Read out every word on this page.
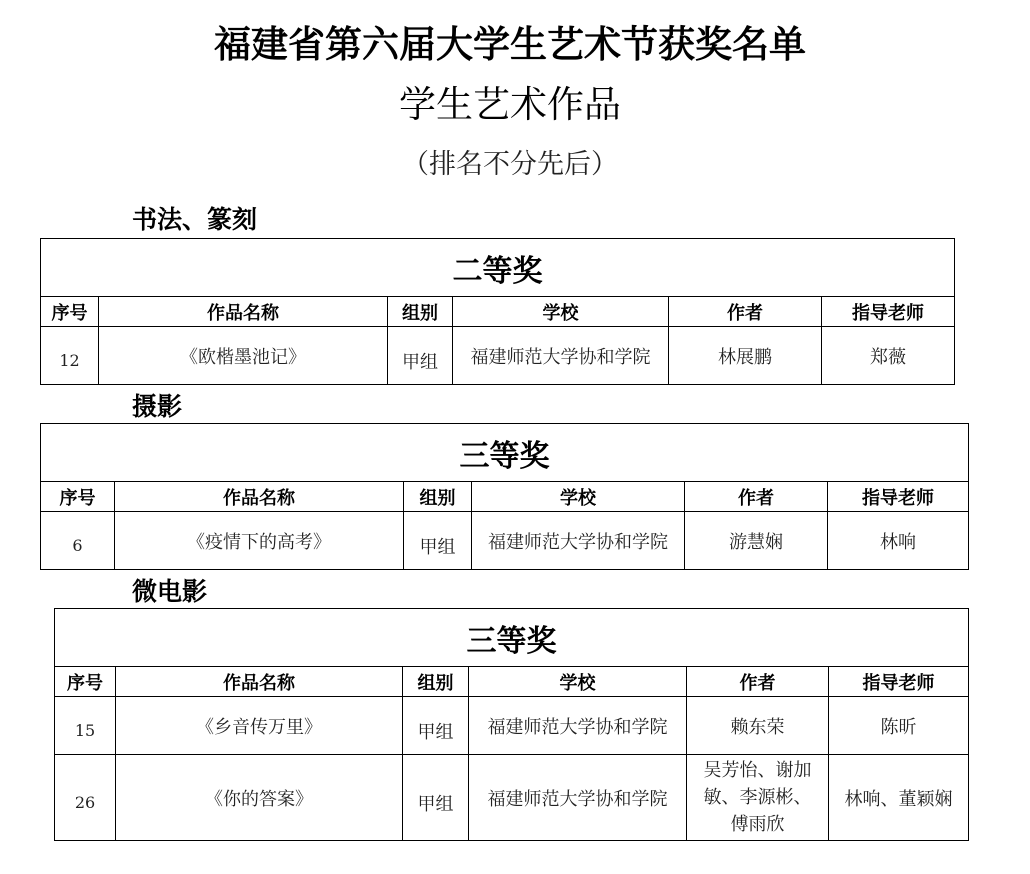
福建省第六届大学生艺术节获奖名单
学生艺术作品
（排名不分先后）
书法、篆刻
二等奖					
序号	作品名称	组别	学校	作者	指导老师
12	《欧楷墨池记》	甲组	福建师范大学协和学院	林展鹏	郑薇
摄影
三等奖					
序号	作品名称	组别	学校	作者	指导老师
6	《疫情下的高考》	甲组	福建师范大学协和学院	游慧娴	林响
微电影
三等奖					
序号	作品名称	组别	学校	作者	指导老师
15	《乡音传万里》	甲组	福建师范大学协和学院	赖东荣	陈昕
26	《你的答案》	甲组	福建师范大学协和学院	吴芳怡、谢加敏、李源彬、傅雨欣	林响、董颖娴
